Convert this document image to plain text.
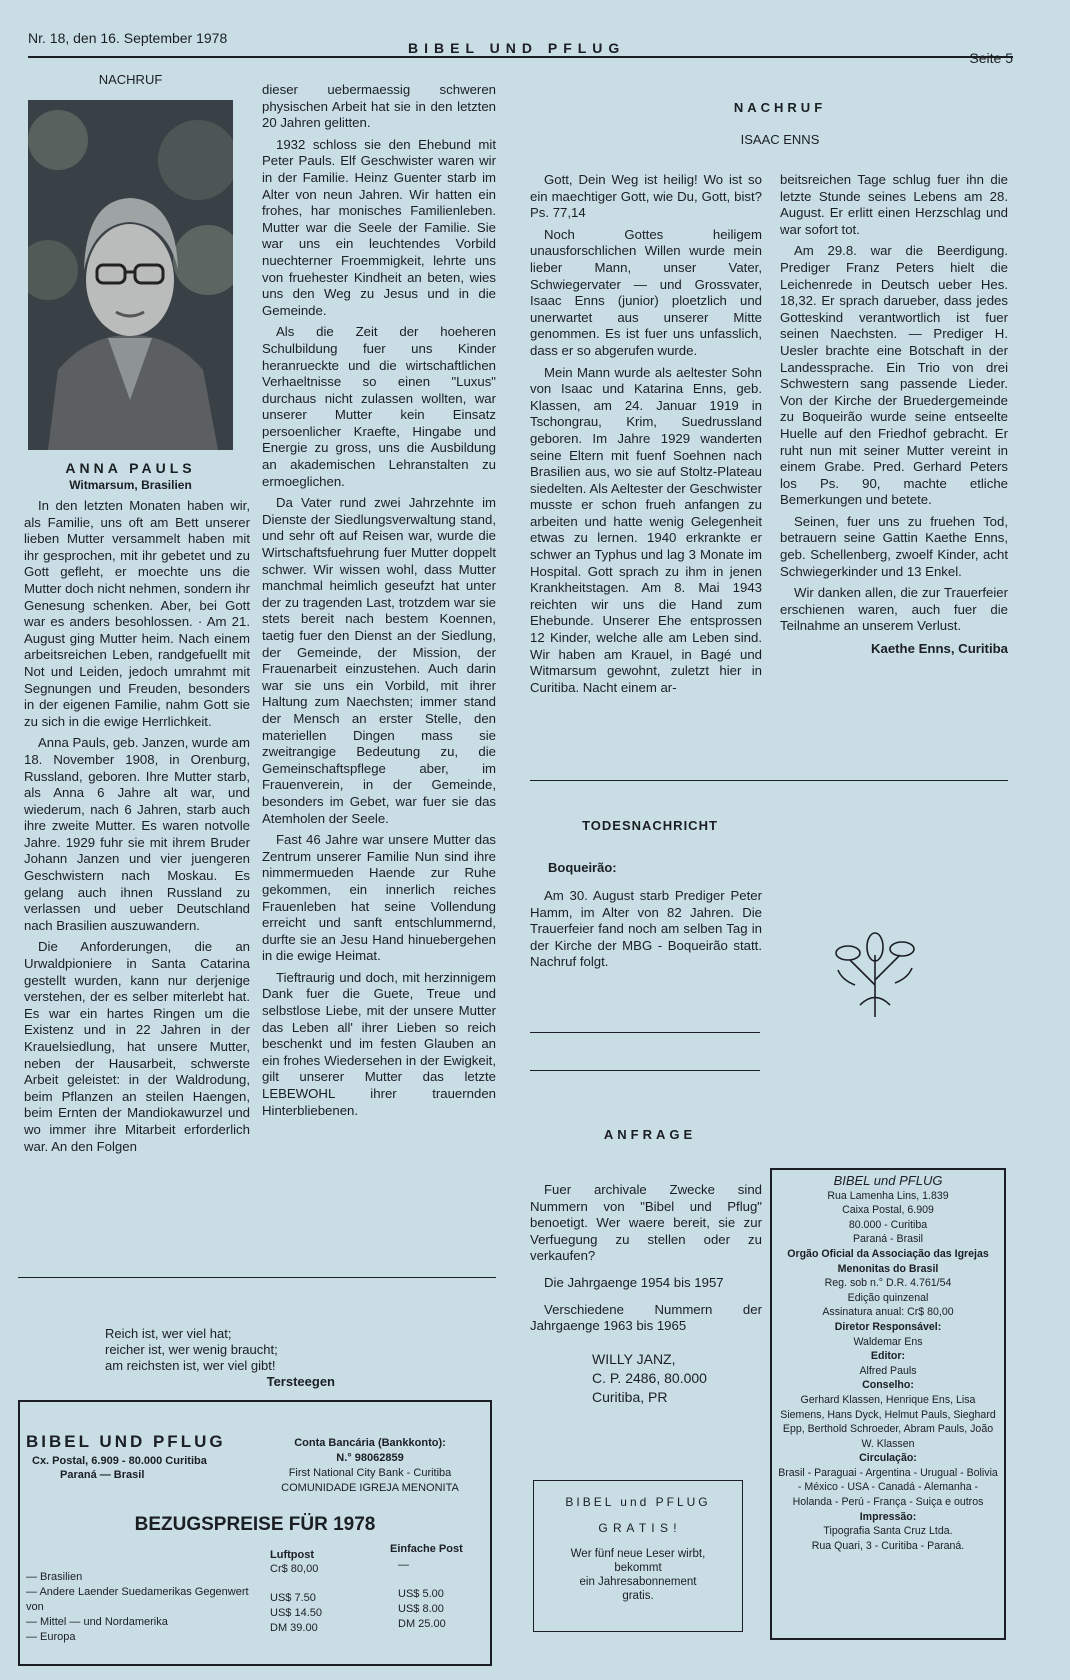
Nr. 18, den 16. September 1978
BIBEL UND PFLUG
Seite 5
NACHRUF
ANNA PAULS
Witmarsum, Brasilien

In den letzten Monaten haben wir, als Familie, uns oft am Bett unserer lieben Mutter versammelt haben mit ihr gesprochen, mit ihr gebetet und zu Gott gefleht, er moechte uns die Mutter doch nicht nehmen, sondern ihr Genesung schenken. Aber, bei Gott war es anders besohlossen. · Am 21. August ging Mutter heim. Nach einem arbeitsreichen Leben, randgefuellt mit Not und Leiden, jedoch umrahmt mit Segnungen und Freuden, besonders in der eigenen Familie, nahm Gott sie zu sich in die ewige Herrlichkeit.

Anna Pauls, geb. Janzen, wurde am 18. November 1908, in Orenburg, Russland, geboren. Ihre Mutter starb, als Anna 6 Jahre alt war, und wiederum, nach 6 Jahren, starb auch ihre zweite Mutter. Es waren notvolle Jahre. 1929 fuhr sie mit ihrem Bruder Johann Janzen und vier juengeren Geschwistern nach Moskau. Es gelang auch ihnen Russland zu verlassen und ueber Deutschland nach Brasilien auszuwandern.

Die Anforderungen, die an Urwaldpioniere in Santa Catarina gestellt wurden, kann nur derjenige verstehen, der es selber miterlebt hat. Es war ein hartes Ringen um die Existenz und in 22 Jahren in der Krauelsiedlung, hat unsere Mutter, neben der Hausarbeit, schwerste Arbeit geleistet: in der Waldrodung, beim Pflanzen an steilen Haengen, beim Ernten der Mandiokawurzel und wo immer ihre Mitarbeit erforderlich war. An den Folgen

dieser uebermaessig schweren physischen Arbeit hat sie in den letzten 20 Jahren gelitten.

1932 schloss sie den Ehebund mit Peter Pauls. Elf Geschwister waren wir in der Familie. Heinz Guenter starb im Alter von neun Jahren. Wir hatten ein frohes, har monisches Familienleben. Mutter war die Seele der Familie. Sie war uns ein leuchtendes Vorbild nuechterner Froemmigkeit, lehrte uns von fruehester Kindheit an beten, wies uns den Weg zu Jesus und in die Gemeinde.

Als die Zeit der hoeheren Schulbildung fuer uns Kinder heranrueckte und die wirtschaftlichen Verhaeltnisse so einen "Luxus" durchaus nicht zulassen wollten, war unserer Mutter kein Einsatz persoenlicher Kraefte, Hingabe und Energie zu gross, uns die Ausbildung an akademischen Lehranstalten zu ermoeglichen.

Da Vater rund zwei Jahrzehnte im Dienste der Siedlungsverwaltung stand, und sehr oft auf Reisen war, wurde die Wirtschaftsfuehrung fuer Mutter doppelt schwer. Wir wissen wohl, dass Mutter manchmal heimlich geseufzt hat unter der zu tragenden Last, trotzdem war sie stets bereit nach bestem Koennen, taetig fuer den Dienst an der Siedlung, der Gemeinde, der Mission, der Frauenarbeit einzustehen. Auch darin war sie uns ein Vorbild, mit ihrer Haltung zum Naechsten; immer stand der Mensch an erster Stelle, den materiellen Dingen mass sie zweitrangige Bedeutung zu, die Gemeinschaftspflege aber, im Frauenverein, in der Gemeinde, besonders im Gebet, war fuer sie das Atemholen der Seele.

Fast 46 Jahre war unsere Mutter das Zentrum unserer Familie Nun sind ihre nimmermueden Haende zur Ruhe gekommen, ein innerlich reiches Frauenleben hat seine Vollendung erreicht und sanft entschlummernd, durfte sie an Jesu Hand hinuebergehen in die ewige Heimat.

Tieftraurig und doch, mit herzinnigem Dank fuer die Guete, Treue und selbstlose Liebe, mit der unsere Mutter das Leben all' ihrer Lieben so reich beschenkt und im festen Glauben an ein frohes Wiedersehen in der Ewigkeit, gilt unserer Mutter das letzte LEBEWOHL ihrer trauernden Hinterbliebenen.

Reich ist, wer viel hat;
reicher ist, wer wenig braucht;
am reichsten ist, wer viel gibt!
Tersteegen
BIBEL UND PFLUG
Cx. Postal, 6.909 - 80.000 Curitiba
Paraná — Brasil
Conta Bancária (Bankkonto):
N.° 98062859
First National City Bank - Curitiba
COMUNIDADE IGREJA MENONITA
BEZUGSPREISE FÜR 1978
Luftpost	Einfache Post
— Brasilien
— Andere Laender Suedamerikas Gegenwert von
— Mittel — und Nordamerika
— Europa
Cr$ 80,00
US$ 7.50
US$ 14.50
DM 39.00
—
US$ 5.00
US$ 8.00
DM 25.00
NACHRUF
ISAAC ENNS

Gott, Dein Weg ist heilig! Wo ist so ein maechtiger Gott, wie Du, Gott, bist? Ps. 77,14

Noch Gottes heiligem unausforschlichen Willen wurde mein lieber Mann, unser Vater, Schwiegervater — und Grossvater, Isaac Enns (junior) ploetzlich und unerwartet aus unserer Mitte genommen. Es ist fuer uns unfasslich, dass er so abgerufen wurde.

Mein Mann wurde als aeltester Sohn von Isaac und Katarina Enns, geb. Klassen, am 24. Januar 1919 in Tschongrau, Krim, Suedrussland geboren. Im Jahre 1929 wanderten seine Eltern mit fuenf Soehnen nach Brasilien aus, wo sie auf Stoltz-Plateau siedelten. Als Aeltester der Geschwister musste er schon frueh anfangen zu arbeiten und hatte wenig Gelegenheit etwas zu lernen. 1940 erkrankte er schwer an Typhus und lag 3 Monate im Hospital. Gott sprach zu ihm in jenen Krankheitstagen. Am 8. Mai 1943 reichten wir uns die Hand zum Ehebunde. Unserer Ehe entsprossen 12 Kinder, welche alle am Leben sind. Wir haben am Krauel, in Bagé und Witmarsum gewohnt, zuletzt hier in Curitiba. Nacht einem ar-

beitsreichen Tage schlug fuer ihn die letzte Stunde seines Lebens am 28. August. Er erlitt einen Herzschlag und war sofort tot.

Am 29.8. war die Beerdigung. Prediger Franz Peters hielt die Leichenrede in Deutsch ueber Hes. 18,32. Er sprach darueber, dass jedes Gotteskind verantwortlich ist fuer seinen Naechsten. — Prediger H. Uesler brachte eine Botschaft in der Landessprache. Ein Trio von drei Schwestern sang passende Lieder. Von der Kirche der Bruedergemeinde zu Boqueirão wurde seine entseelte Huelle auf den Friedhof gebracht. Er ruht nun mit seiner Mutter vereint in einem Grabe. Pred. Gerhard Peters los Ps. 90, machte etliche Bemerkungen und betete.

Seinen, fuer uns zu fruehen Tod, betrauern seine Gattin Kaethe Enns, geb. Schellenberg, zwoelf Kinder, acht Schwiegerkinder und 13 Enkel.

Wir danken allen, die zur Trauerfeier erschienen waren, auch fuer die Teilnahme an unserem Verlust.

Kaethe Enns, Curitiba
TODESNACHRICHT
Boqueirão:

Am 30. August starb Prediger Peter Hamm, im Alter von 82 Jahren. Die Trauerfeier fand noch am selben Tag in der Kirche der MBG - Boqueirão statt. Nachruf folgt.

ANFRAGE

Fuer archivale Zwecke sind Nummern von "Bibel und Pflug" benoetigt. Wer waere bereit, sie zur Verfuegung zu stellen oder zu verkaufen?

Die Jahrgaenge 1954 bis 1957

Verschiedene Nummern der Jahrgaenge 1963 bis 1965

WILLY JANZ,
C. P. 2486, 80.000
Curitiba, PR
BIBEL und PFLUG
G R A T I S !
Wer fünf neue Leser wirbt,
bekommt
ein Jahresabonnement
gratis.
BIBEL und PFLUG
Rua Lamenha Lins, 1.839
Caixa Postal, 6.909
80.000 - Curitiba
Paraná - Brasil
Orgão Oficial da Associação das Igrejas Menonitas do Brasil
Reg. sob n.° D.R. 4.761/54
Edição quinzenal
Assinatura anual: Cr$ 80,00
Diretor Responsável:
Waldemar Ens
Editor:
Alfred Pauls
Conselho:
Gerhard Klassen, Henrique Ens, Lisa Siemens, Hans Dyck, Helmut Pauls, Sieghard Epp, Berthold Schroeder, Abram Pauls, João W. Klassen
Circulação:
Brasil - Paraguai - Argentina - Urugual - Bolivia - México - USA - Canadá - Alemanha - Holanda - Perú - França - Suiça e outros
Impressão:
Tipografia Santa Cruz Ltda.
Rua Quari, 3 - Curitiba - Paraná.
